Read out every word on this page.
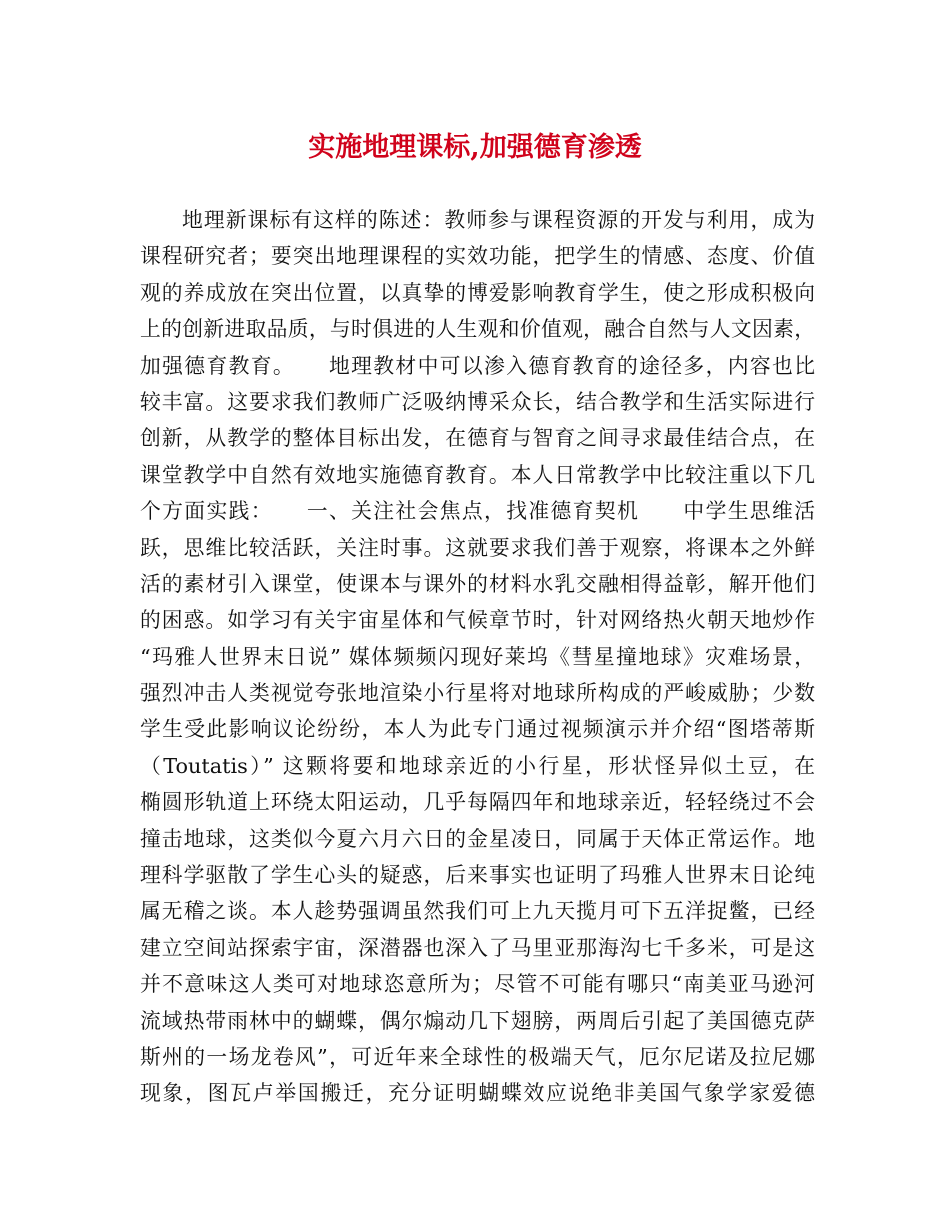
实施地理课标,加强德育渗透
地理新课标有这样的陈述：教师参与课程资源的开发与利用，成为
课程研究者；要突出地理课程的实效功能，把学生的情感、态度、价值
观的养成放在突出位置，以真挚的博爱影响教育学生，使之形成积极向
上的创新进取品质，与时俱进的人生观和价值观，融合自然与人文因素，
加强德育教育。　　地理教材中可以渗入德育教育的途径多，内容也比
较丰富。这要求我们教师广泛吸纳博采众长，结合教学和生活实际进行
创新，从教学的整体目标出发，在德育与智育之间寻求最佳结合点，在
课堂教学中自然有效地实施德育教育。本人日常教学中比较注重以下几
个方面实践：　　一、关注社会焦点，找准德育契机　　中学生思维活
跃，思维比较活跃，关注时事。这就要求我们善于观察，将课本之外鲜
活的素材引入课堂，使课本与课外的材料水乳交融相得益彰，解开他们
的困惑。如学习有关宇宙星体和气候章节时，针对网络热火朝天地炒作
“玛雅人世界末日说” 媒体频频闪现好莱坞《彗星撞地球》灾难场景，
强烈冲击人类视觉夸张地渲染小行星将对地球所构成的严峻威胁；少数
学生受此影响议论纷纷，本人为此专门通过视频演示并介绍“图塔蒂斯
（Toutatis）” 这颗将要和地球亲近的小行星，形状怪异似土豆，在
椭圆形轨道上环绕太阳运动，几乎每隔四年和地球亲近，轻轻绕过不会
撞击地球，这类似今夏六月六日的金星凌日，同属于天体正常运作。地
理科学驱散了学生心头的疑惑，后来事实也证明了玛雅人世界末日论纯
属无稽之谈。本人趁势强调虽然我们可上九天揽月可下五洋捉鳖，已经
建立空间站探索宇宙，深潜器也深入了马里亚那海沟七千多米，可是这
并不意味这人类可对地球恣意所为；尽管不可能有哪只“南美亚马逊河
流域热带雨林中的蝴蝶，偶尔煽动几下翅膀，两周后引起了美国德克萨
斯州的一场龙卷风”，可近年来全球性的极端天气，厄尔尼诺及拉尼娜
现象，图瓦卢举国搬迁，充分证明蝴蝶效应说绝非美国气象学家爱德
